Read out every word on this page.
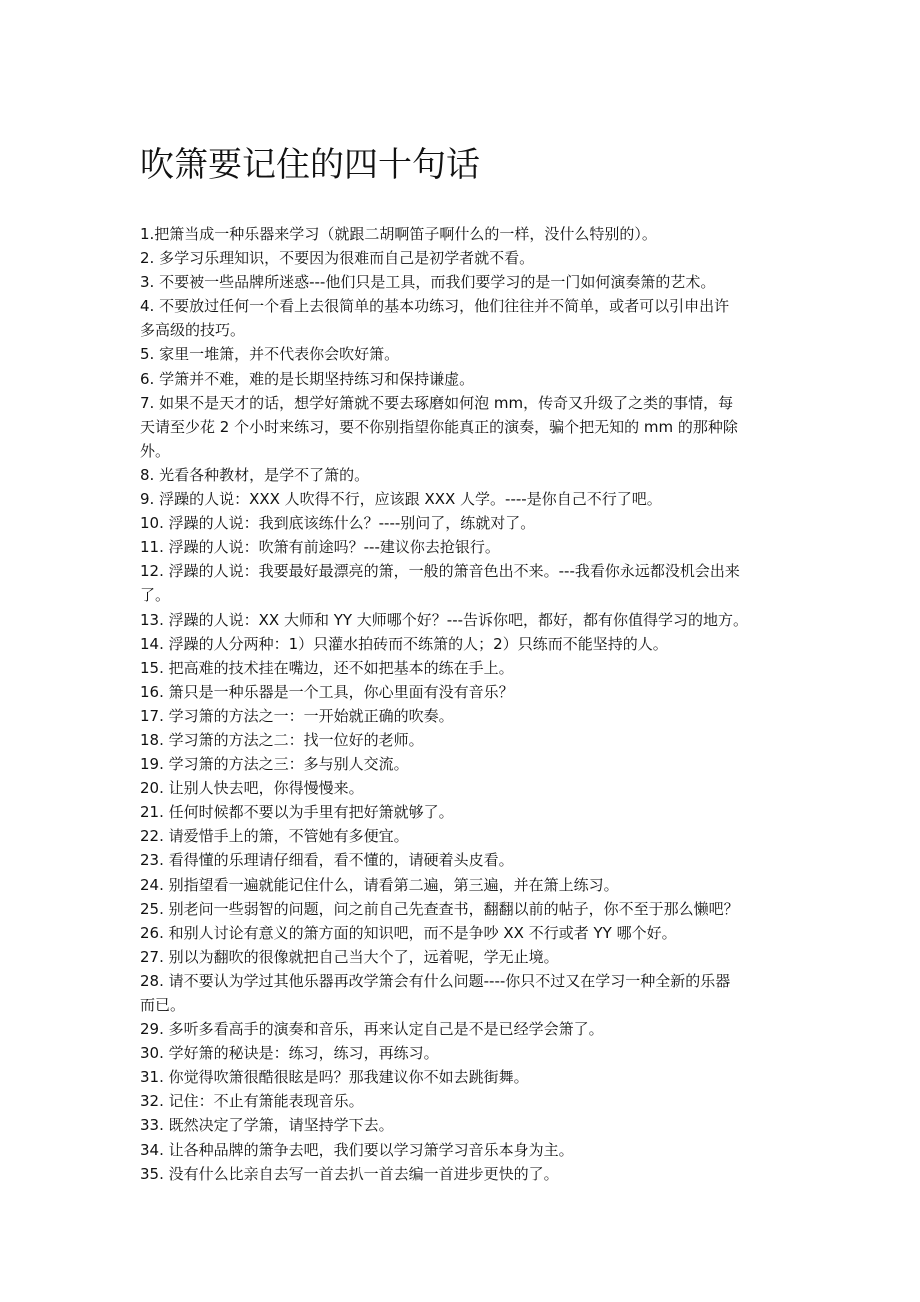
吹箫要记住的四十句话
1.把箫当成一种乐器来学习（就跟二胡啊笛子啊什么的一样，没什么特别的）。
2. 多学习乐理知识，不要因为很难而自己是初学者就不看。
3. 不要被一些品牌所迷惑---他们只是工具，而我们要学习的是一门如何演奏箫的艺术。
4. 不要放过任何一个看上去很简单的基本功练习，他们往往并不简单，或者可以引申出许
多高级的技巧。
5. 家里一堆箫，并不代表你会吹好箫。
6. 学箫并不难，难的是长期坚持练习和保持谦虚。
7. 如果不是天才的话，想学好箫就不要去琢磨如何泡 mm，传奇又升级了之类的事情，每
天请至少花 2 个小时来练习，要不你别指望你能真正的演奏，骗个把无知的 mm 的那种除
外。
8. 光看各种教材，是学不了箫的。
9. 浮躁的人说：XXX 人吹得不行，应该跟 XXX 人学。----是你自己不行了吧。
10. 浮躁的人说：我到底该练什么？----别问了，练就对了。
11. 浮躁的人说：吹箫有前途吗？---建议你去抢银行。
12. 浮躁的人说：我要最好最漂亮的箫，一般的箫音色出不来。---我看你永远都没机会出来
了。
13. 浮躁的人说：XX 大师和 YY 大师哪个好？---告诉你吧，都好，都有你值得学习的地方。
14. 浮躁的人分两种：1）只灌水拍砖而不练箫的人；2）只练而不能坚持的人。
15. 把高难的技术挂在嘴边，还不如把基本的练在手上。
16. 箫只是一种乐器是一个工具，你心里面有没有音乐？
17. 学习箫的方法之一：一开始就正确的吹奏。
18. 学习箫的方法之二：找一位好的老师。
19. 学习箫的方法之三：多与别人交流。
20. 让别人快去吧，你得慢慢来。
21. 任何时候都不要以为手里有把好箫就够了。
22. 请爱惜手上的箫，不管她有多便宜。
23. 看得懂的乐理请仔细看，看不懂的，请硬着头皮看。
24. 别指望看一遍就能记住什么，请看第二遍，第三遍，并在箫上练习。
25. 别老问一些弱智的问题，问之前自己先查查书，翻翻以前的帖子，你不至于那么懒吧？
26. 和别人讨论有意义的箫方面的知识吧，而不是争吵 XX 不行或者 YY 哪个好。
27. 别以为翻吹的很像就把自己当大个了，远着呢，学无止境。
28. 请不要认为学过其他乐器再改学箫会有什么问题----你只不过又在学习一种全新的乐器
而已。
29. 多听多看高手的演奏和音乐，再来认定自己是不是已经学会箫了。
30. 学好箫的秘诀是：练习，练习，再练习。
31. 你觉得吹箫很酷很眩是吗？那我建议你不如去跳街舞。
32. 记住：不止有箫能表现音乐。
33. 既然决定了学箫，请坚持学下去。
34. 让各种品牌的箫争去吧，我们要以学习箫学习音乐本身为主。
35. 没有什么比亲自去写一首去扒一首去编一首进步更快的了。
